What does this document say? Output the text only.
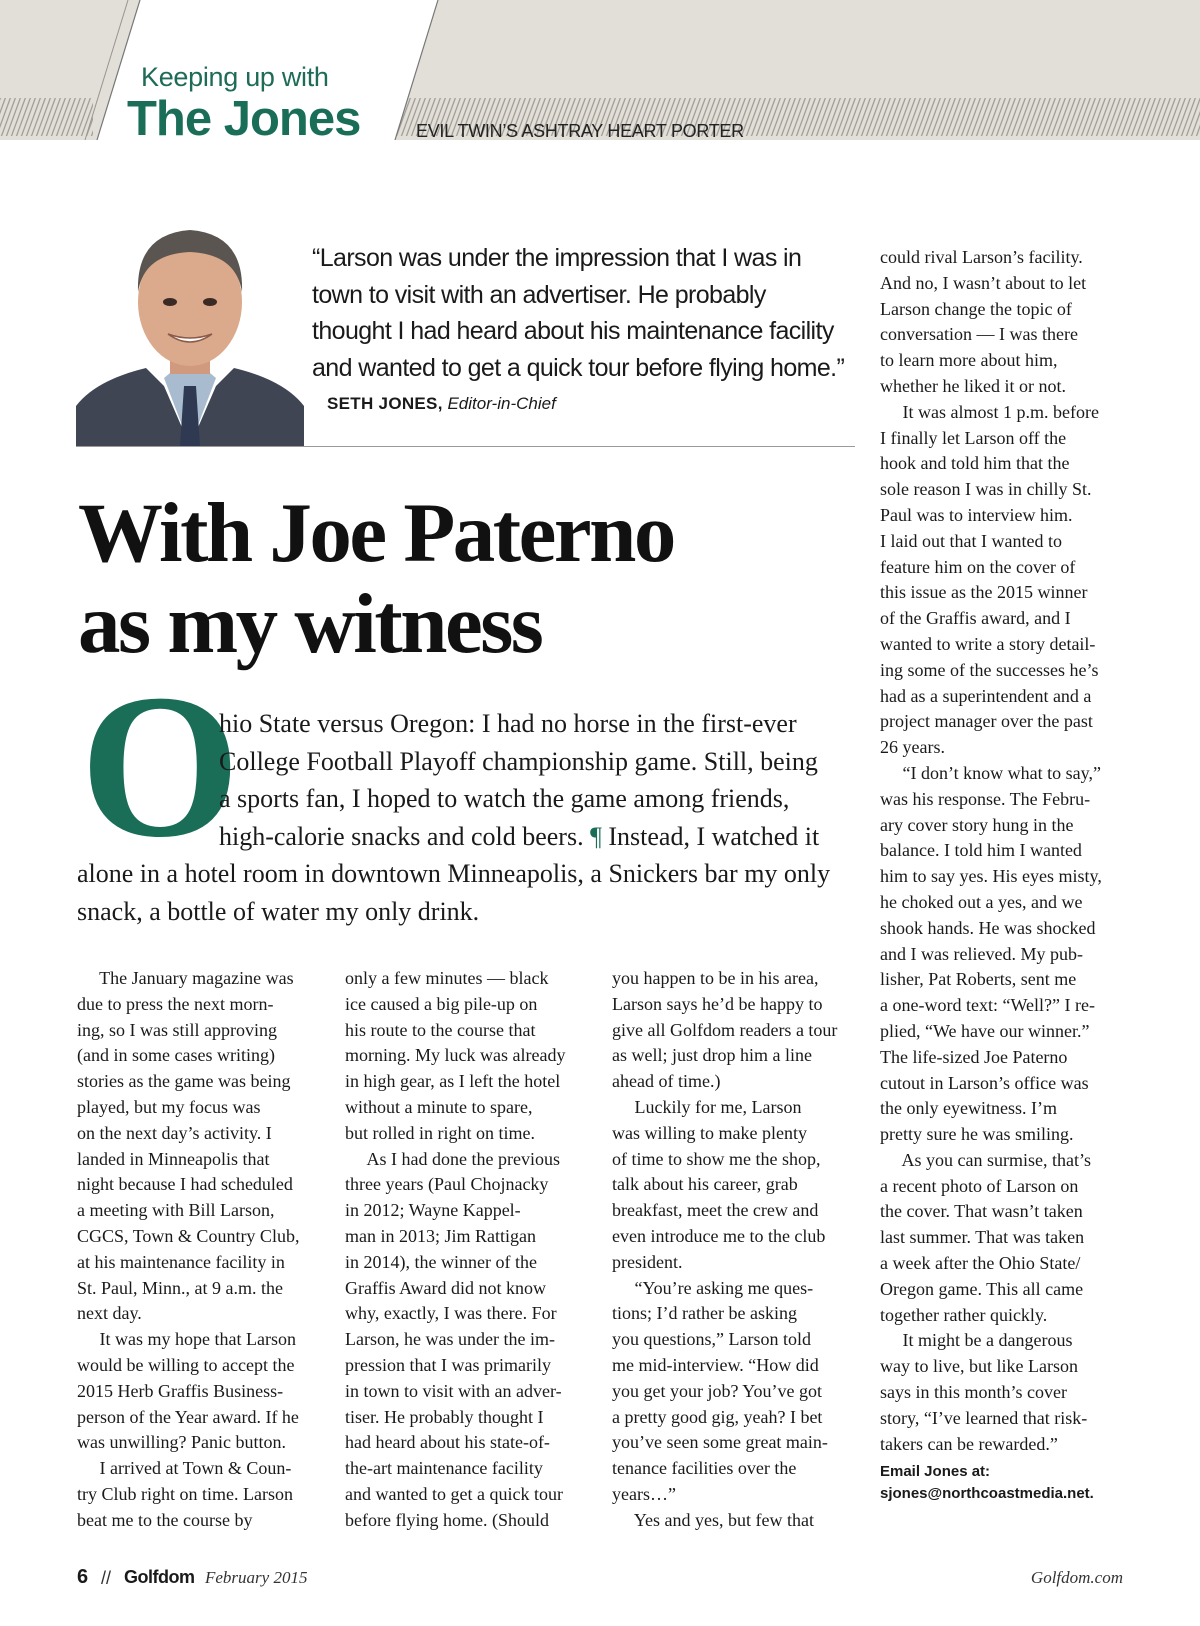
Keeping up with

The Jones	EVIL TWIN’S ASHTRAY HEART PORTER
“Larson was under the impression that I was in
town to visit with an advertiser. He probably
thought I had heard about his maintenance facility
and wanted to get a quick tour before flying home.”
SETH JONES, Editor-in-Chief
With Joe Paterno
as my witness
O
hio State versus Oregon: I had no horse in the first-ever
College Football Playoff championship game. Still, being
a sports fan, I hoped to watch the game among friends,
high-calorie snacks and cold beers. ¶ Instead, I watched it
alone in a hotel room in downtown Minneapolis, a Snickers bar my only
snack, a bottle of water my only drink.
  The January magazine was
due to press the next morn-
ing, so I was still approving
(and in some cases writing)
stories as the game was being
played, but my focus was
on the next day’s activity. I
landed in Minneapolis that
night because I had scheduled
a meeting with Bill Larson,
CGCS, Town & Country Club,
at his maintenance facility in
St. Paul, Minn., at 9 a.m. the
next day.
  It was my hope that Larson
would be willing to accept the
2015 Herb Graffis Business-
person of the Year award. If he
was unwilling? Panic button.
  I arrived at Town & Coun-
try Club right on time. Larson
beat me to the course by
only a few minutes — black
ice caused a big pile-up on
his route to the course that
morning. My luck was already
in high gear, as I left the hotel
without a minute to spare,
but rolled in right on time.
  As I had done the previous
three years (Paul Chojnacky
in 2012; Wayne Kappel-
man in 2013; Jim Rattigan
in 2014), the winner of the
Graffis Award did not know
why, exactly, I was there. For
Larson, he was under the im-
pression that I was primarily
in town to visit with an adver-
tiser. He probably thought I
had heard about his state-of-
the-art maintenance facility
and wanted to get a quick tour
before flying home. (Should
you happen to be in his area,
Larson says he’d be happy to
give all Golfdom readers a tour
as well; just drop him a line
ahead of time.)
  Luckily for me, Larson
was willing to make plenty
of time to show me the shop,
talk about his career, grab
breakfast, meet the crew and
even introduce me to the club
president.
  “You’re asking me ques-
tions; I’d rather be asking
you questions,” Larson told
me mid-interview. “How did
you get your job? You’ve got
a pretty good gig, yeah? I bet
you’ve seen some great main-
tenance facilities over the
years…”
  Yes and yes, but few that
could rival Larson’s facility.
And no, I wasn’t about to let
Larson change the topic of
conversation — I was there
to learn more about him,
whether he liked it or not.
  It was almost 1 p.m. before
I finally let Larson off the
hook and told him that the
sole reason I was in chilly St.
Paul was to interview him.
I laid out that I wanted to
feature him on the cover of
this issue as the 2015 winner
of the Graffis award, and I
wanted to write a story detail-
ing some of the successes he’s
had as a superintendent and a
project manager over the past
26 years.
  “I don’t know what to say,”
was his response. The Febru-
ary cover story hung in the
balance. I told him I wanted
him to say yes. His eyes misty,
he choked out a yes, and we
shook hands. He was shocked
and I was relieved. My pub-
lisher, Pat Roberts, sent me
a one-word text: “Well?” I re-
plied, “We have our winner.”
The life-sized Joe Paterno
cutout in Larson’s office was
the only eyewitness. I’m
pretty sure he was smiling.
  As you can surmise, that’s
a recent photo of Larson on
the cover. That wasn’t taken
last summer. That was taken
a week after the Ohio State/
Oregon game. This all came
together rather quickly.
  It might be a dangerous
way to live, but like Larson
says in this month’s cover
story, “I’ve learned that risk-
takers can be rewarded.”
Email Jones at:
sjones@northcoastmedia.net.
6 // Golfdom February 2015	Golfdom.com
